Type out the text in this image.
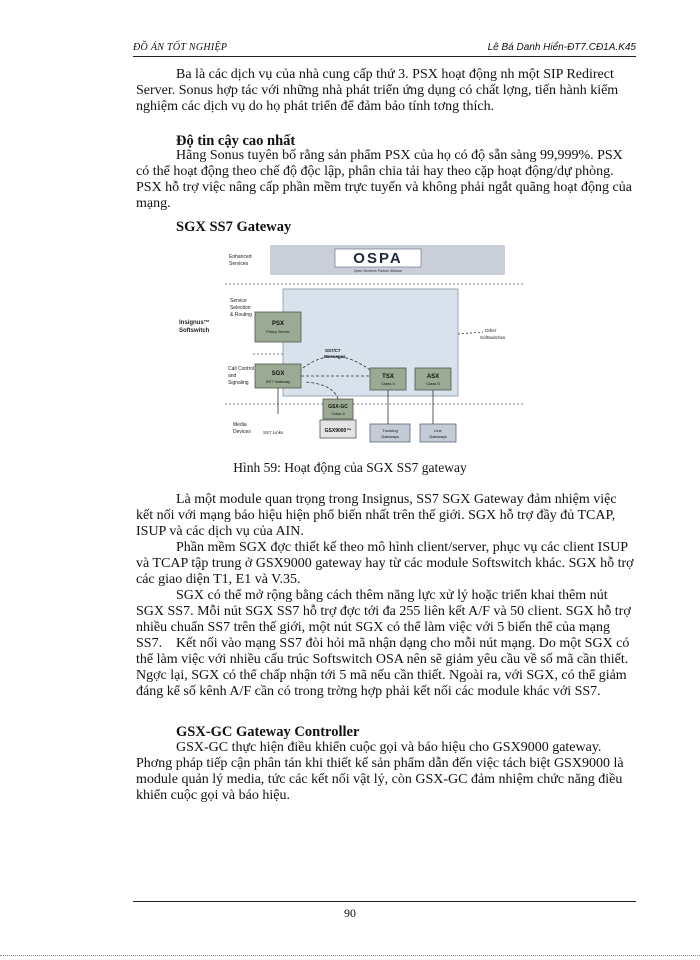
ĐỒ ÁN TỐT NGHIỆP	Lê Bá Danh Hiển-ĐT7.CĐ1A.K45

Ba là các dịch vụ của nhà cung cấp thứ 3. PSX hoạt động nh một SIP Redirect Server. Sonus hợp tác với những nhà phát triển ứng dụng có chất lợng, tiến hành kiểm nghiệm các dịch vụ do họ phát triển để đảm bảo tính tơng thích.

Độ tin cậy cao nhất

Hãng Sonus tuyên bố rằng sản phẩm PSX của họ có độ sẵn sàng 99,999%. PSX có thể hoạt động theo chế độ độc lập, phân chia tải hay theo cặp hoạt động/dự phòng. PSX hỗ trợ việc nâng cấp phần mềm trực tuyến và không phải ngắt quãng hoạt động của mạng.

SGX SS7 Gateway

OSPA
Open Services Partner Alliance
Enhanced
Services
Service
Selection
& Routing
Insignus™
Softswitch
Call Control
and
Signaling
Media
Devices
PSX
Policy Server
SGX
SS7 Gateway
TSX
Class 4
ASX
Class 5
GSX-GC
Class 4
GSX9000™	Trunking
Gateways
Line
Gateways
SS7/C7
Messages
Other
Softswitches
SS7 Links
Hình 59: Hoạt động của SGX SS7 gateway

Là một module quan trọng trong Insignus, SS7 SGX Gateway đảm nhiệm việc kết nối với mạng báo hiệu hiện phổ biến nhất trên thế giới. SGX hỗ trợ đầy đủ TCAP, ISUP và các dịch vụ của AIN.

Phần mềm SGX đợc thiết kế theo mô hình client/server, phục vụ các client ISUP và TCAP tập trung ở GSX9000 gateway hay từ các module Softswitch khác. SGX hỗ trợ các giao diện T1, E1 và V.35.

SGX có thể mở rộng bằng cách thêm năng lực xử lý hoặc triển khai thêm nút SGX SS7. Mỗi nút SGX SS7 hỗ trợ đợc tới đa 255 liên kết A/F và 50 client. SGX hỗ trợ nhiều chuẩn SS7 trên thế giới, một nút SGX có thể làm việc với 5 biến thể của mạng SS7. Kết nối vào mạng SS7 đòi hỏi mã nhận dạng cho mỗi nút mạng. Do một SGX có thể làm việc với nhiều cấu trúc Softswitch OSA nên sẽ giảm yêu cầu về số mã cần thiết. Ngợc lại, SGX có thể chấp nhận tới 5 mã nếu cần thiết. Ngoài ra, với SGX, có thể giảm đáng kể số kênh A/F cần có trong trờng hợp phải kết nối các module khác với SS7.

GSX-GC Gateway Controller

GSX-GC thực hiện điều khiển cuộc gọi và báo hiệu cho GSX9000 gateway. Phơng pháp tiếp cận phân tán khi thiết kế sản phẩm dẫn đến việc tách biệt GSX9000 là module quản lý media, tức các kết nối vật lý, còn GSX-GC đảm nhiệm chức năng điều khiển cuộc gọi và báo hiệu.

90
